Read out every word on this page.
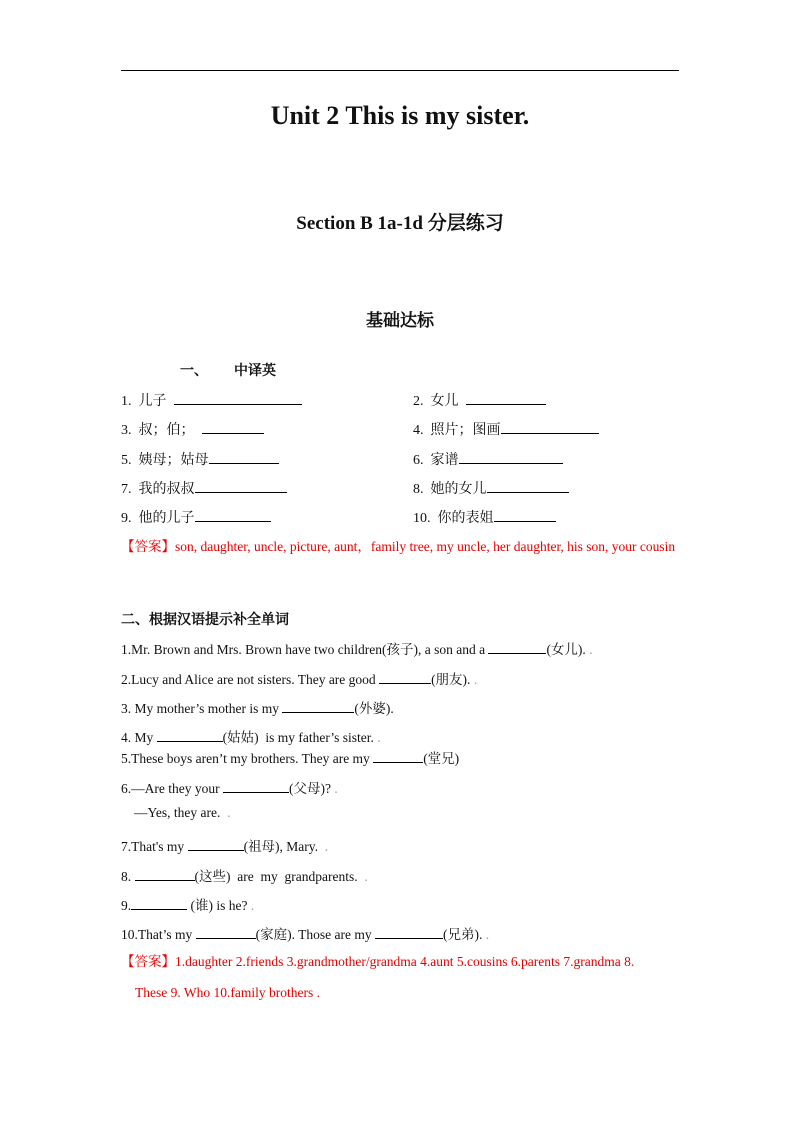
Unit 2 This is my sister.
Section B 1a-1d 分层练习
基础达标
一、 中译英
1. 儿子	2. 女儿
3. 叔；伯；	4. 照片；图画
5. 姨母；姑母	6. 家谱
7. 我的叔叔	8. 她的女儿
9. 他的儿子	10. 你的表姐
【答案】son, daughter, uncle, picture, aunt，family tree, my uncle, her daughter, his son, your cousin
二、根据汉语提示补全单词
1.Mr. Brown and Mrs. Brown have two children(孩子), a son and a	(女儿). .
2.Lucy and Alice are not sisters. They are good	(朋友). .
3. My mother’s mother is my	(外婆).
4. My	(姑姑)  is my father’s sister. .
5.These boys aren’t my brothers. They are my	(堂兄)
6.—Are they your	(父母)? .
—Yes, they are. .
7.That's my	(祖母), Mary. .
8.	(这些)  are  my  grandparents. .
9.	(谁) is he? .
10.That’s my	(家庭). Those are my	(兄弟). .
【答案】1.daughter 2.friends 3.grandmother/grandma 4.aunt 5.cousins 6.parents 7.grandma 8.
These 9. Who 10.family brothers .
